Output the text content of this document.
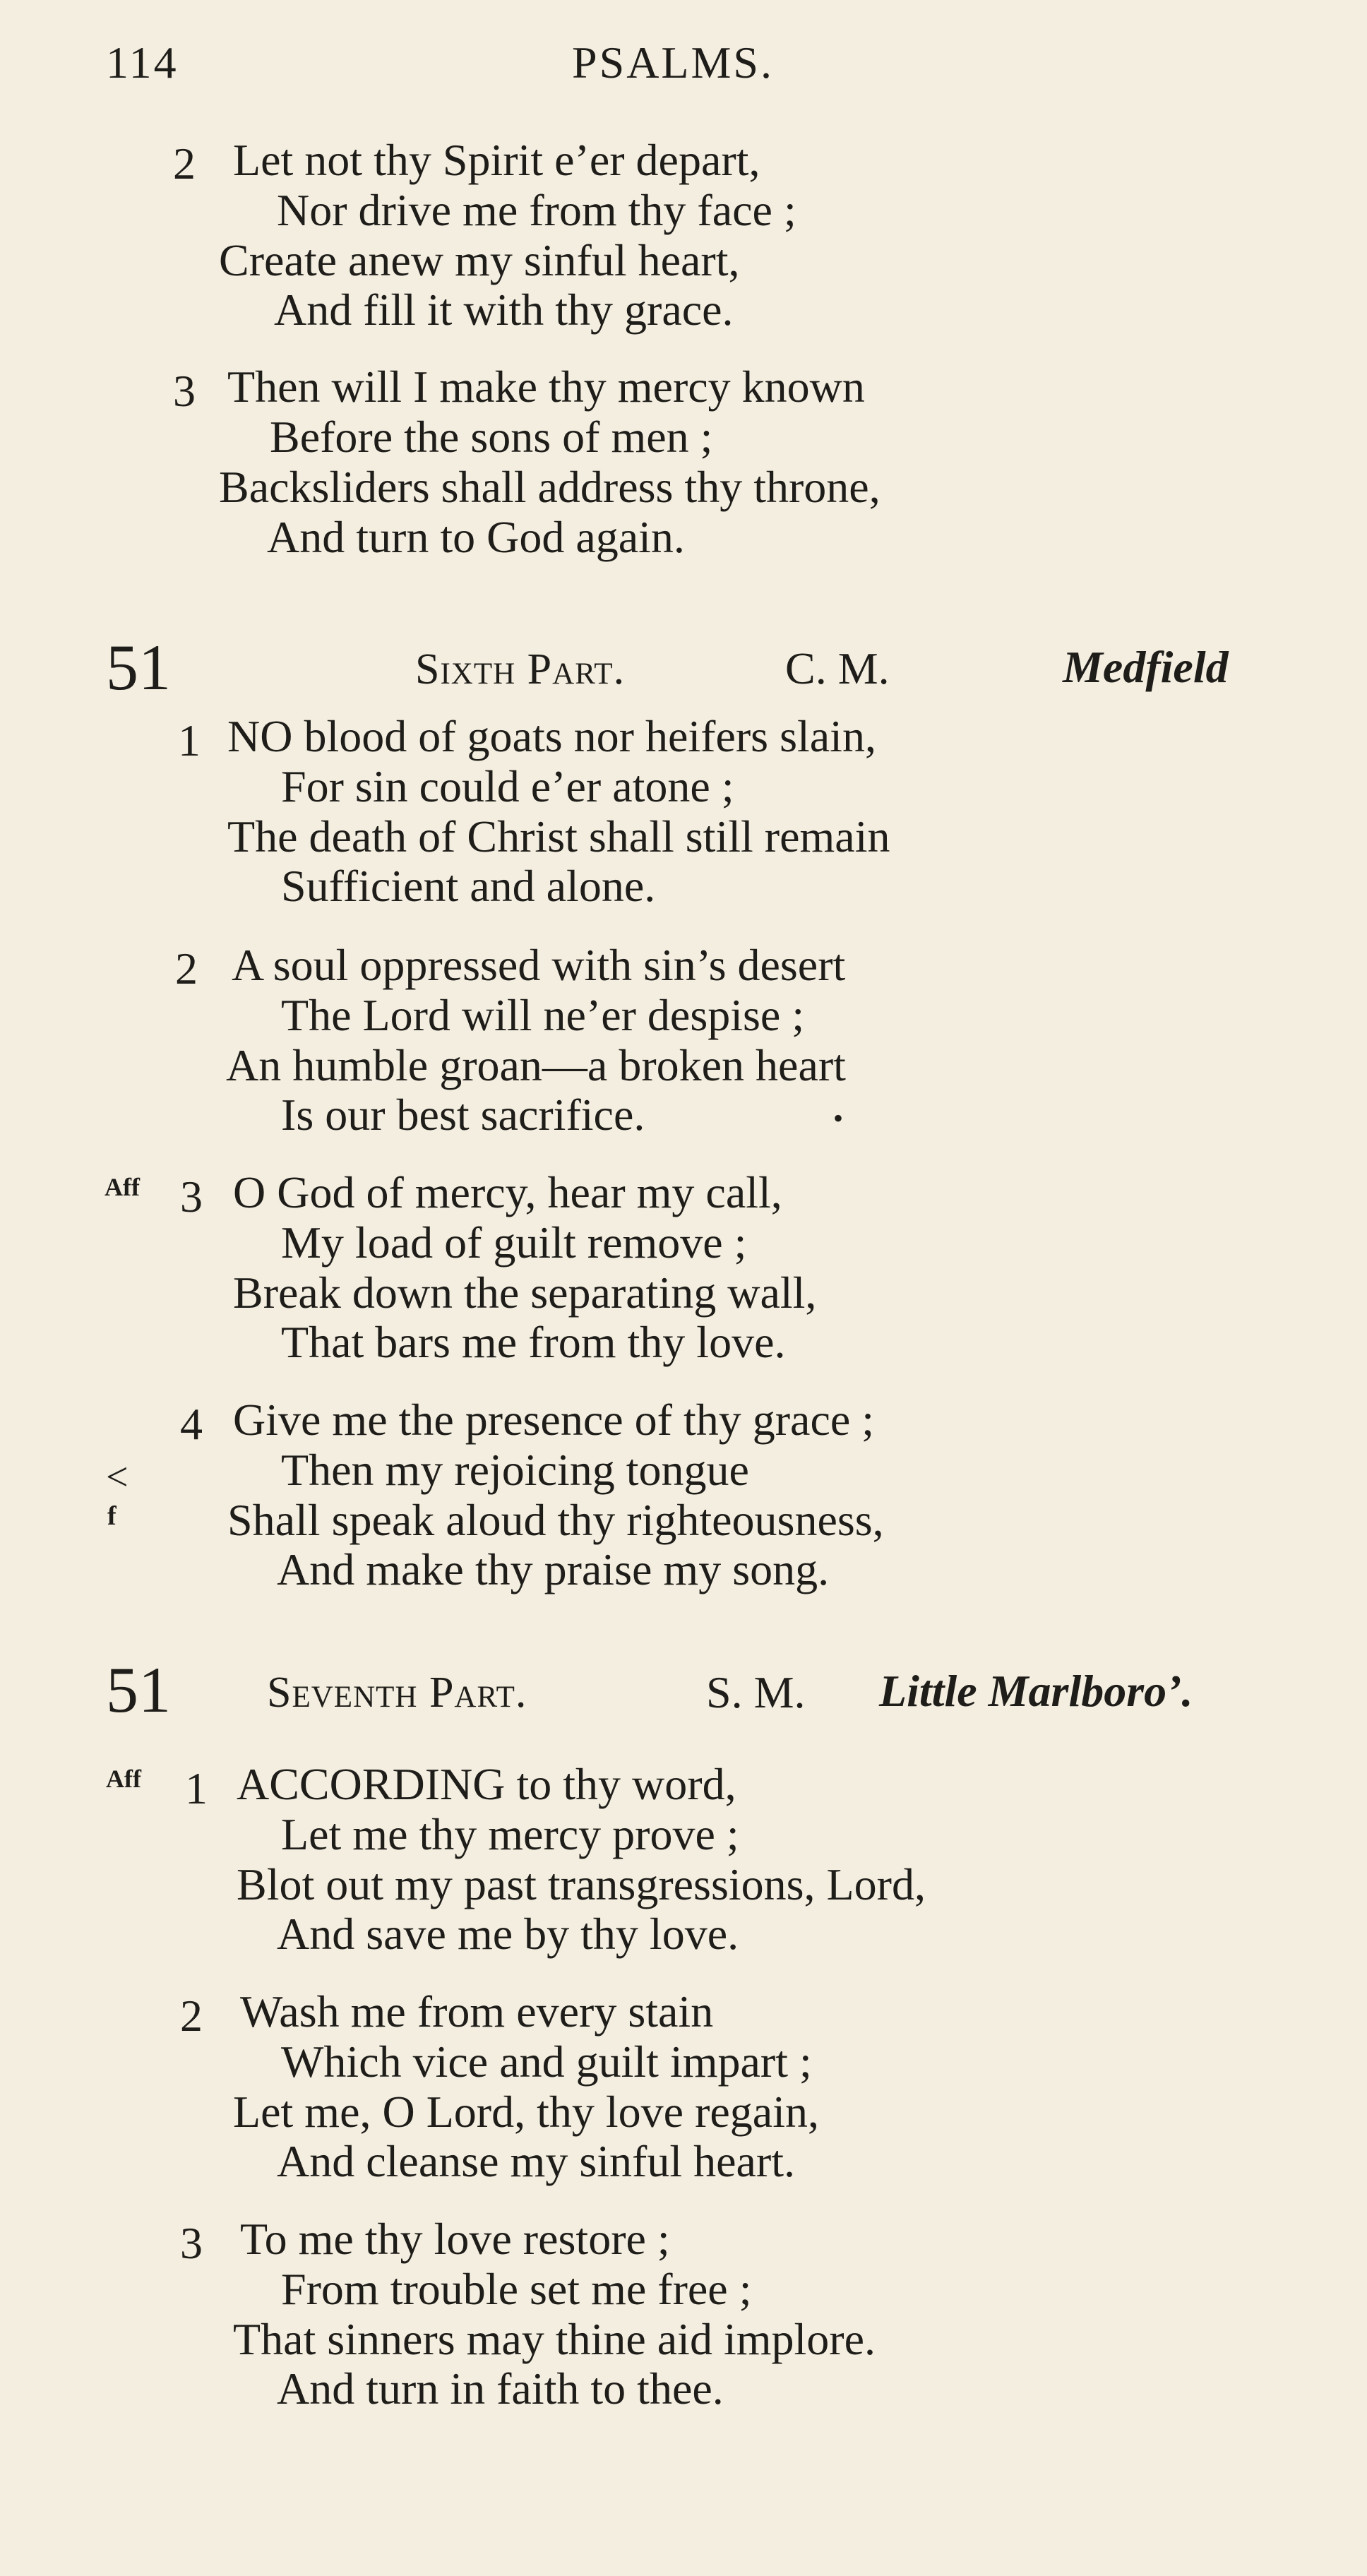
114	PSALMS.
2 Let not thy Spirit e’er depart,
Nor drive me from thy face ;
Create anew my sinful heart,
And fill it with thy grace.
3 Then will I make thy mercy known
Before the sons of men ;
Backsliders shall address thy throne,
And turn to God again.
51	Sixth Part.	C. M.	Medfield
1 NO blood of goats nor heifers slain,
For sin could e’er atone ;
The death of Christ shall still remain
Sufficient and alone.
2 A soul oppressed with sin’s desert
The Lord will ne’er despise ;
An humble groan—a broken heart
Is our best sacrifice.	•
Aff 3 O God of mercy, hear my call,
My load of guilt remove ;
Break down the separating wall,
That bars me from thy love.
4 Give me the presence of thy grace ;
<	Then my rejoicing tongue
f Shall speak aloud thy righteousness,
And make thy praise my song.
51 Seventh Part.	S. M. Little Marlboro’.
Aff 1 ACCORDING to thy word,
Let me thy mercy prove ;
Blot out my past transgressions, Lord,
And save me by thy love.
2 Wash me from every stain
Which vice and guilt impart ;
Let me, O Lord, thy love regain,
And cleanse my sinful heart.
3 To me thy love restore ;
From trouble set me free ;
That sinners may thine aid implore.
And turn in faith to thee.
